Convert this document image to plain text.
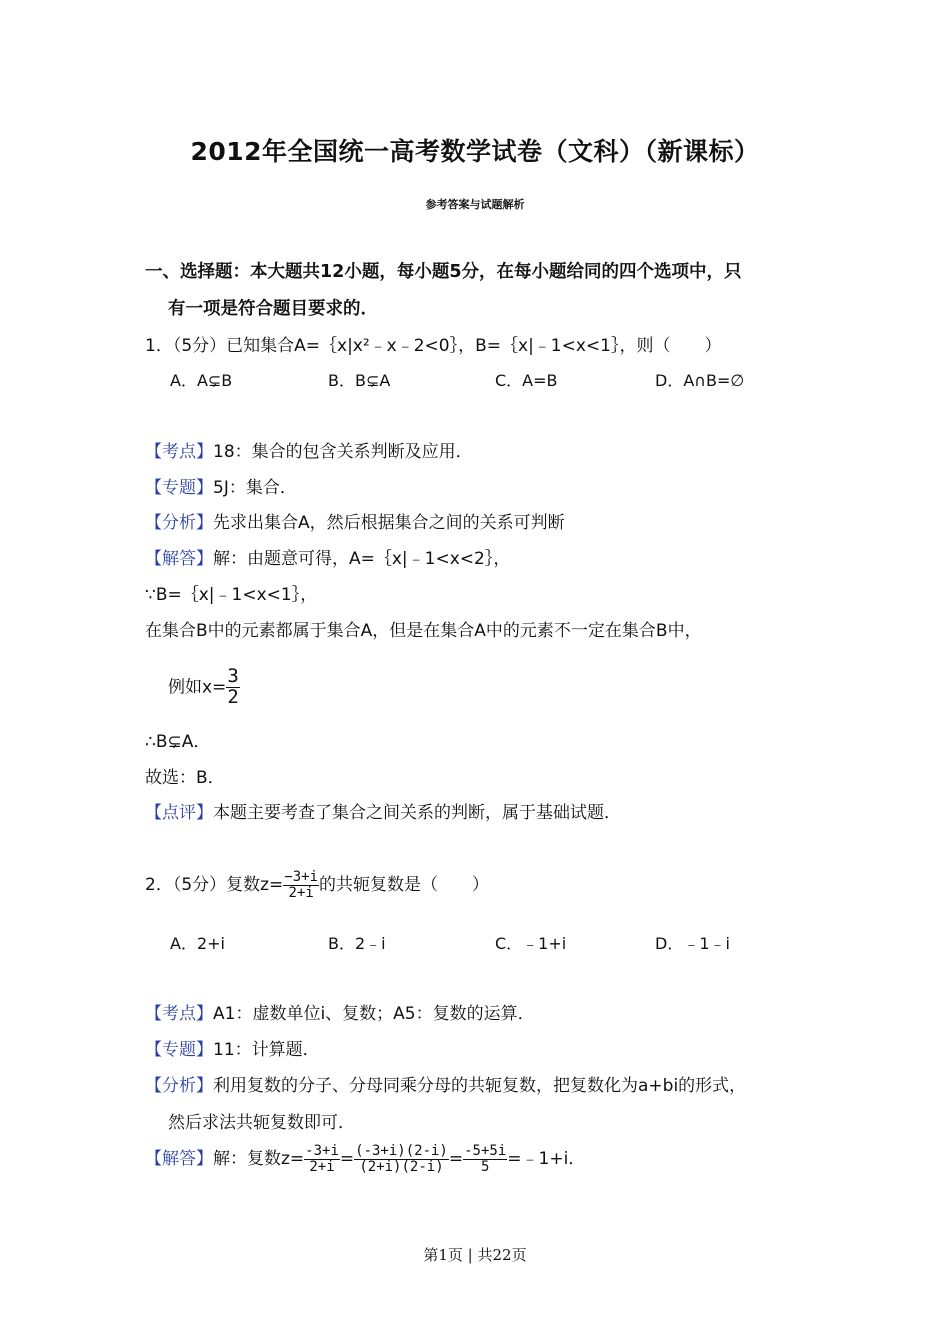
2012年全国统一高考数学试卷（文科）（新课标）
参考答案与试题解析
一、选择题：本大题共12小题，每小题5分，在每小题给同的四个选项中，只
有一项是符合题目要求的．
1．（5分）已知集合A=｛x|x²﹣x﹣2<0｝，B=｛x|﹣1<x<1｝，则（　　）
A．A⊊B	B．B⊊A	C．A=B	D．A∩B=∅
【考点】18：集合的包含关系判断及应用．
【专题】5J：集合．
【分析】先求出集合A，然后根据集合之间的关系可判断
【解答】解：由题意可得，A=｛x|﹣1<x<2｝，
∵B=｛x|﹣1<x<1｝，
在集合B中的元素都属于集合A，但是在集合A中的元素不一定在集合B中，
例如$x= \frac{3}{2}$
∴B⊊A．
故选：B．
【点评】本题主要考查了集合之间关系的判断，属于基础试题．
2．（5分）复数$z= \frac{-3+i}{2+i}$ 的共轭复数是（　　）
A．2+i	B．2﹣i	C．﹣1+i	D．﹣1﹣i
【考点】A1：虚数单位i、复数；A5：复数的运算．
【专题】11：计算题．
【分析】利用复数的分子、分母同乘分母的共轭复数，把复数化为a+bi的形式，
然后求法共轭复数即可．
【解答】解：复数$z= \frac{-3+i}{2+i} = \frac{(-3+i)(2-i)}{(2+i)(2-i)} = \frac{-5+5i}{5}$ =﹣1+i．
第1页 | 共22页
